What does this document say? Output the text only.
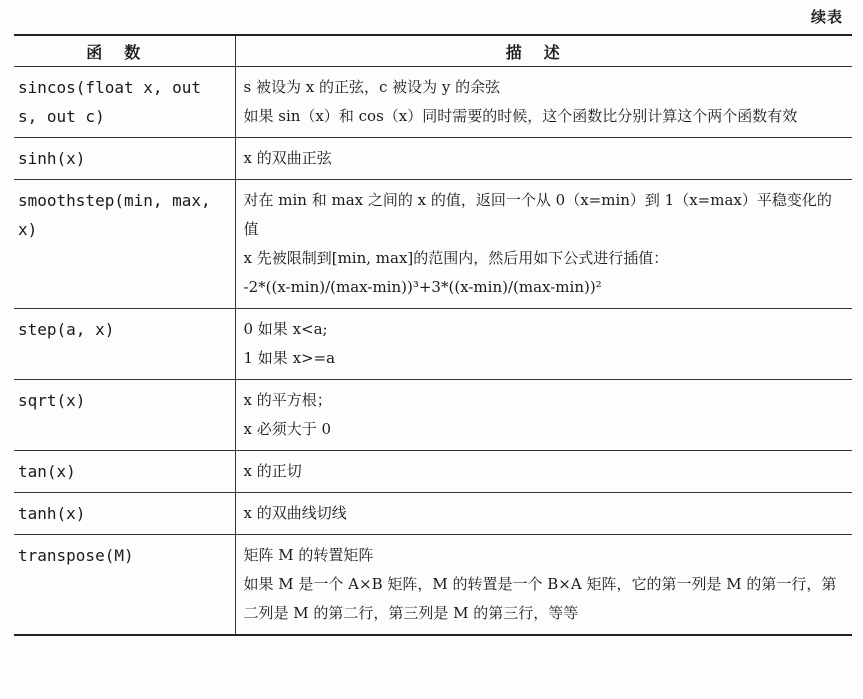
续表
函数	描述
sincos(float x, out s, out c)	s 被设为 x 的正弦，c 被设为 y 的余弦
如果 sin（x）和 cos（x）同时需要的时候，这个函数比分别计算这个两个函数有效

sinh(x)	x 的双曲正弦

smoothstep(min, max, x)	对在 min 和 max 之间的 x 的值，返回一个从 0（x=min）到 1（x=max）平稳变化的值
x 先被限制到[min, max]的范围内，然后用如下公式进行插值：
-2*((x-min)/(max-min))³+3*((x-min)/(max-min))²

step(a, x)	0 如果 x<a;
1 如果 x>=a

sqrt(x)	x 的平方根；
x 必须大于 0

tan(x)	x 的正切

tanh(x)	x 的双曲线切线

transpose(M)	矩阵 M 的转置矩阵
如果 M 是一个 A×B 矩阵，M 的转置是一个 B×A 矩阵，它的第一列是 M 的第一行，第二列是 M 的第二行，第三列是 M 的第三行，等等
